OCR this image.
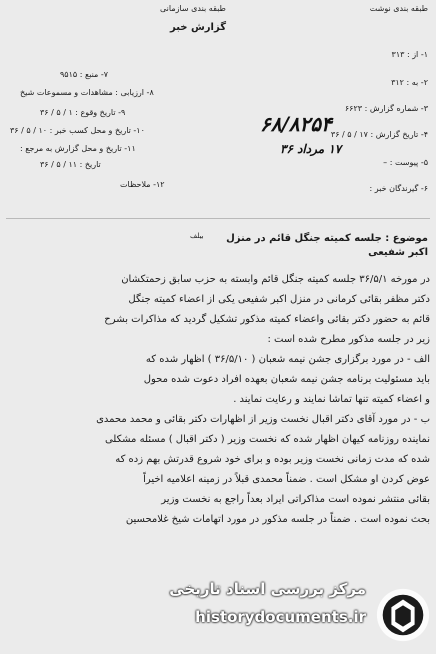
طبقه بندی نوشت
طبقه بندی سازمانی
گزارش خبر
۱- از : ۳۱۳
۲- به : ۳۱۲
۳- شماره گزارش : ۶۶۲۳
۴- تاریخ گزارش : ۱۷ / ۵ / ۳۶
۵- پیوست : –
۶- گیرندگان خبر :
۷- منبع : ۹۵۱۵
۸- ارزیابی : مشاهدات و مسموعات شیخ
۹- تاریخ وقوع : ۱ / ۵ / ۳۶
۱۰- تاریخ و محل کسب خبر : ۱۰ / ۵ / ۳۶
۱۱- تاریخ و محل گزارش به مرجع :
تاریخ : ۱۱ / ۵ / ۳۶
۱۲- ملاحظات
۶۸/۸۲۵۴
۱۷ مرداد ۳۶
بیلف موضوع : جلسه کمیته جنگل قائم در منزل
اکبر شفیعی
در مورخه ۳۶/۵/۱ جلسه کمیته جنگل قائم وابسته به حزب سابق زحمتکشان
دکتر مظفر بقائی کرمانی در منزل اکبر شفیعی یکی از اعضاء کمیته جنگل
قائم به حضور دکتر بقائی واعضاء کمیته مذکور تشکیل گردید که مذاکرات بشرح
زیر در جلسه مذکور مطرح شده است :
الف - در مورد برگزاری جشن نیمه شعبان ( ۳۶/۵/۱۰ ) اظهار شده که
باید مسئولیت برنامه جشن نیمه شعبان بعهده افراد دعوت شده محول
و اعضاء کمیته تنها تماشا نمایند و رعایت نمایند .
ب - در مورد آقای دکتر اقبال نخست وزیر از اظهارات دکتر بقائی و محمد محمدی
نماینده روزنامه کیهان اظهار شده که نخست وزیر ( دکتر اقبال ) مسئله مشکلی
شده که مدت زمانی نخست وزیر بوده و برای خود شروع قدرتش بهم زده که
عوض کردن او مشکل است . ضمناً محمدی قبلاً در زمینه اعلامیه اخیراً
بقائی منتشر نموده است مذاکراتی ایراد بعداً راجع به نخست وزیر
بحث نموده است . ضمناً در جلسه مذکور در مورد اتهامات شیخ غلامحسین
مرکز بررسی اسناد تاریخی
historydocuments.ir
